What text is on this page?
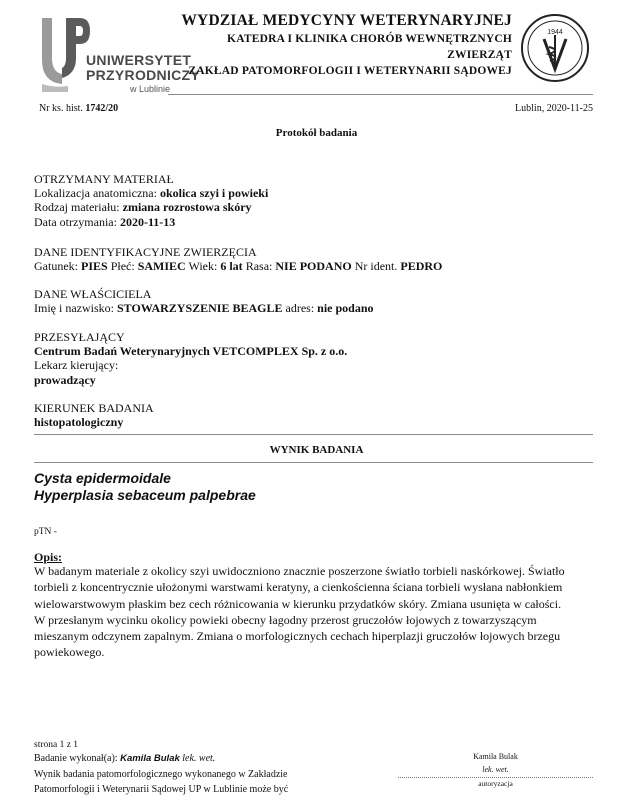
UNIWERSYTET
PRZYRODNICZY
w Lublinie
WYDZIAŁ MEDYCYNY WETERYNARYJNEJ
KATEDRA I KLINIKA CHORÓB WEWNĘTRZNYCH
ZWIERZĄT
ZAKŁAD PATOMORFOLOGII I WETERYNARII SĄDOWEJ
1944
Nr ks. hist. 1742/20	Lublin, 2020-11-25
Protokół badania
OTRZYMANY MATERIAŁ
Lokalizacja anatomiczna: okolica szyi i powieki
Rodzaj materiału: zmiana rozrostowa skóry
Data otrzymania: 2020-11-13
DANE IDENTYFIKACYJNE ZWIERZĘCIA
Gatunek: PIES Płeć: SAMIEC Wiek: 6 lat Rasa: NIE PODANO Nr ident. PEDRO
DANE WŁAŚCICIELA
Imię i nazwisko: STOWARZYSZENIE BEAGLE adres: nie podano
PRZESYŁAJĄCY
Centrum Badań Weterynaryjnych VETCOMPLEX Sp. z o.o.
Lekarz kierujący:
prowadzący
KIERUNEK BADANIA
histopatologiczny
WYNIK BADANIA
Cysta epidermoidale
Hyperplasia sebaceum palpebrae
pTN -
Opis:
W badanym materiale z okolicy szyi uwidoczniono znacznie poszerzone światło torbieli naskórkowej. Światło
torbieli z koncentrycznie ułożonymi warstwami keratyny, a cienkościenna ściana torbieli wysłana nabłonkiem
wielowarstwowym płaskim bez cech różnicowania w kierunku przydatków skóry. Zmiana usunięta w całości.
W przesłanym wycinku okolicy powieki obecny łagodny przerost gruczołów łojowych z towarzyszącym
mieszanym odczynem zapalnym. Zmiana o morfologicznych cechach hiperplazji gruczołów łojowych brzegu
powiekowego.
strona 1 z 1
Badanie wykonał(a): Kamila Bulak lek. wet.
Wynik badania patomorfologicznego wykonanego w Zakładzie
Patomorfologii i Weterynarii Sądowej UP w Lublinie może być
Kamila Bulak
lek. wet.
autoryzacja
